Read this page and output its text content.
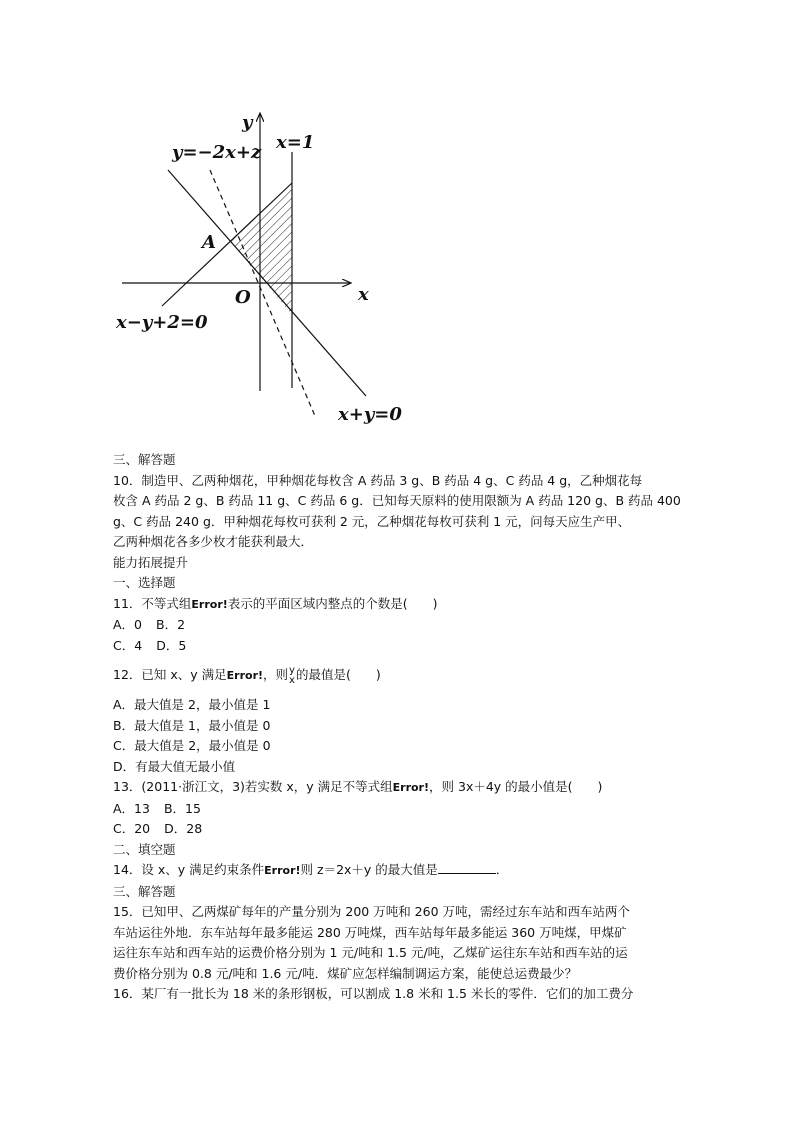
y
x
O
A
y=−2x+z x=1
x−y+2=0
x+y=0
三、解答题
10．制造甲、乙两种烟花，甲种烟花每枚含 A 药品 3 g、B 药品 4 g、C 药品 4 g，乙种烟花每
枚含 A 药品 2 g、B 药品 11 g、C 药品 6 g．已知每天原料的使用限额为 A 药品 120 g、B 药品 400
g、C 药品 240 g．甲种烟花每枚可获利 2 元，乙种烟花每枚可获利 1 元，问每天应生产甲、
乙两种烟花各多少枚才能获利最大．
能力拓展提升
一、选择题
11．不等式组Error!表示的平面区域内整点的个数是(　　)
A．0 B．2
C．4 D．5
12．已知 x、y 满足Error!，则 y
x 的最值是(　　)
A．最大值是 2，最小值是 1
B．最大值是 1，最小值是 0
C．最大值是 2，最小值是 0
D．有最大值无最小值
13．(2011·浙江文，3)若实数 x，y 满足不等式组Error!，则 3x＋4y 的最小值是(　　)
A．13 B．15
C．20 D．28
二、填空题
14．设 x、y 满足约束条件Error!则 z＝2x＋y 的最大值是	．
三、解答题
15．已知甲、乙两煤矿每年的产量分别为 200 万吨和 260 万吨，需经过东车站和西车站两个
车站运往外地．东车站每年最多能运 280 万吨煤，西车站每年最多能运 360 万吨煤，甲煤矿
运往东车站和西车站的运费价格分别为 1 元/吨和 1.5 元/吨，乙煤矿运往东车站和西车站的运
费价格分别为 0.8 元/吨和 1.6 元/吨．煤矿应怎样编制调运方案，能使总运费最少？
16．某厂有一批长为 18 米的条形钢板，可以割成 1.8 米和 1.5 米长的零件．它们的加工费分
